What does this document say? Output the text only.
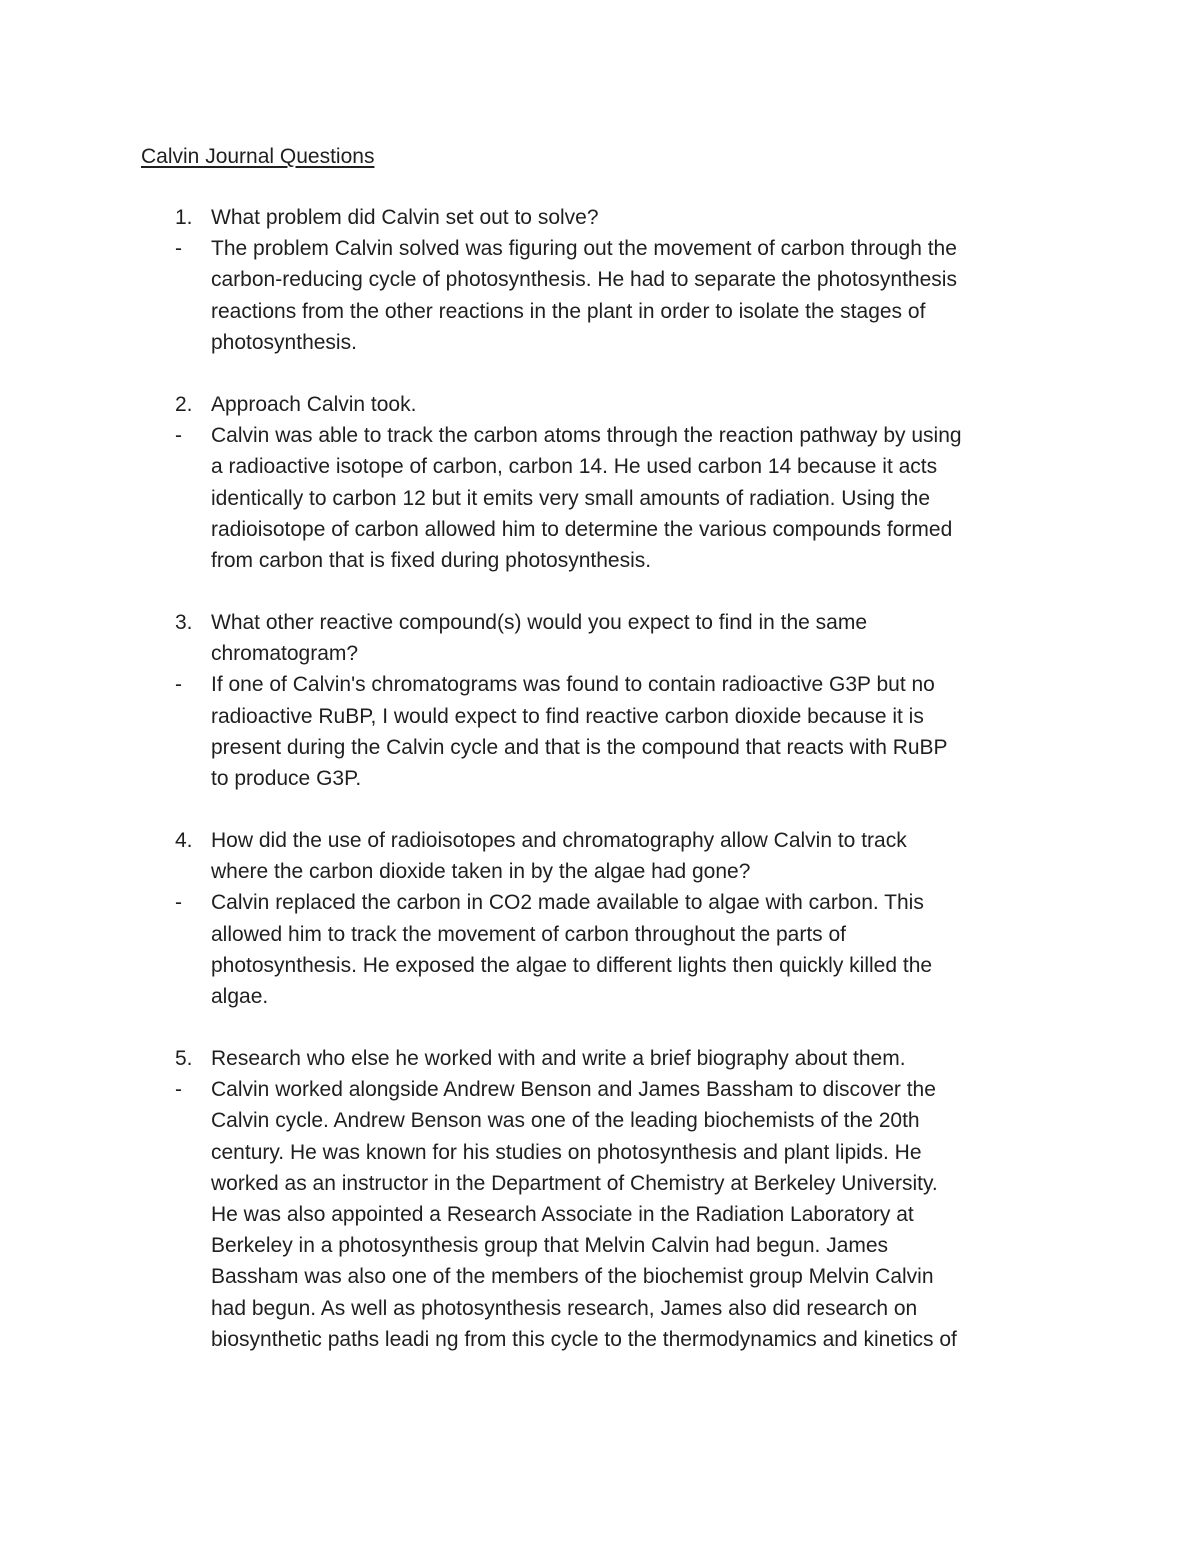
Calvin Journal Questions
1. What problem did Calvin set out to solve?
- The problem Calvin solved was figuring out the movement of carbon through the
carbon-reducing cycle of photosynthesis. He had to separate the photosynthesis
reactions from the other reactions in the plant in order to isolate the stages of
photosynthesis.
2. Approach Calvin took.
- Calvin was able to track the carbon atoms through the reaction pathway by using
a radioactive isotope of carbon, carbon 14. He used carbon 14 because it acts
identically to carbon 12 but it emits very small amounts of radiation. Using the
radioisotope of carbon allowed him to determine the various compounds formed
from carbon that is fixed during photosynthesis.
3. What other reactive compound(s) would you expect to find in the same
chromatogram?
- If one of Calvin's chromatograms was found to contain radioactive G3P but no
radioactive RuBP, I would expect to find reactive carbon dioxide because it is
present during the Calvin cycle and that is the compound that reacts with RuBP
to produce G3P.
4. How did the use of radioisotopes and chromatography allow Calvin to track
where the carbon dioxide taken in by the algae had gone?
- Calvin replaced the carbon in CO2 made available to algae with carbon. This
allowed him to track the movement of carbon throughout the parts of
photosynthesis. He exposed the algae to different lights then quickly killed the
algae.
5. Research who else he worked with and write a brief biography about them.
- Calvin worked alongside Andrew Benson and James Bassham to discover the
Calvin cycle. Andrew Benson was one of the leading biochemists of the 20th
century. He was known for his studies on photosynthesis and plant lipids. He
worked as an instructor in the Department of Chemistry at Berkeley University.
He was also appointed a Research Associate in the Radiation Laboratory at
Berkeley in a photosynthesis group that Melvin Calvin had begun. James
Bassham was also one of the members of the biochemist group Melvin Calvin
had begun. As well as photosynthesis research, James also did research on
biosynthetic paths leadi ng from this cycle to the thermodynamics and kinetics of
